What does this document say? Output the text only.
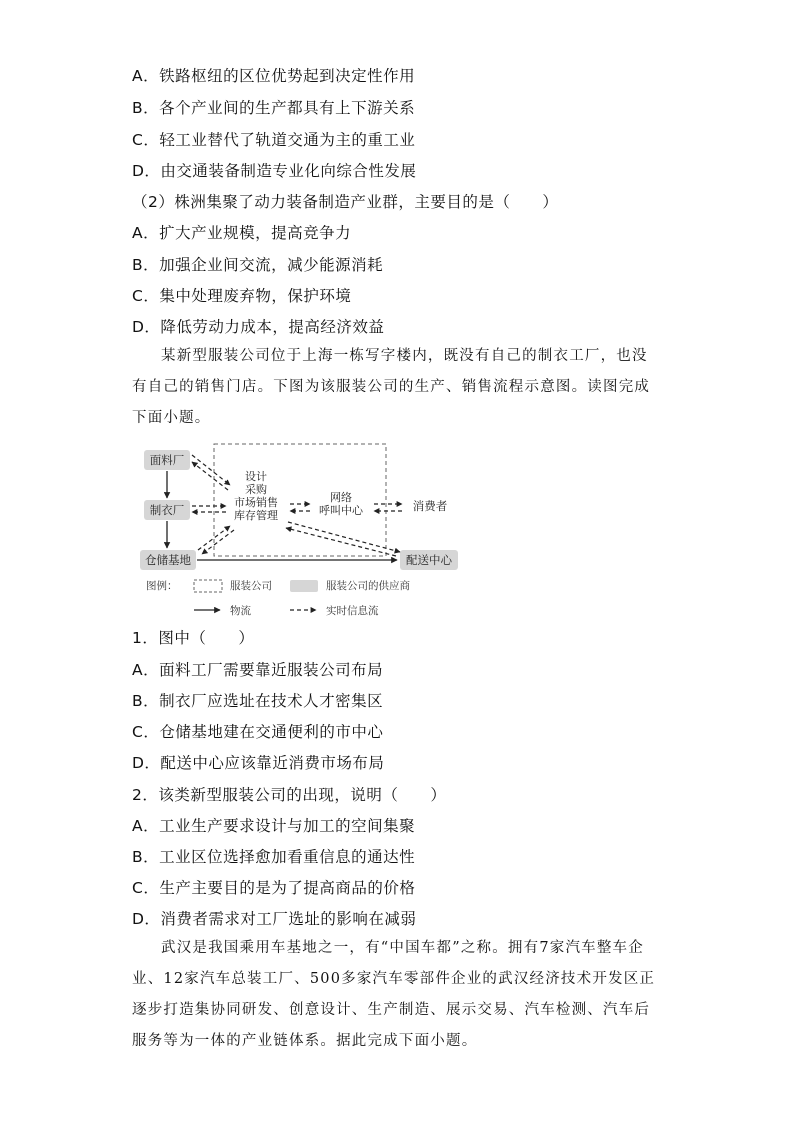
A．铁路枢纽的区位优势起到决定性作用
B．各个产业间的生产都具有上下游关系
C．轻工业替代了轨道交通为主的重工业
D．由交通装备制造专业化向综合性发展
（2）株洲集聚了动力装备制造产业群，主要目的是（　　）
A．扩大产业规模，提高竞争力
B．加强企业间交流，减少能源消耗
C．集中处理废弃物，保护环境
D．降低劳动力成本，提高经济效益

某新型服装公司位于上海一栋写字楼内，既没有自己的制衣工厂，也没有自己的销售门店。下图为该服装公司的生产、销售流程示意图。读图完成下面小题。

面料厂
制衣厂
仓储基地	配送中心
设计
采购
市场销售
库存管理
网络
呼叫中心	消费者
图例：	服装公司	服装公司的供应商
物流	实时信息流
1．图中（　　）
A．面料工厂需要靠近服装公司布局
B．制衣厂应选址在技术人才密集区
C．仓储基地建在交通便利的市中心
D．配送中心应该靠近消费市场布局
2．该类新型服装公司的出现，说明（　　）
A．工业生产要求设计与加工的空间集聚
B．工业区位选择愈加看重信息的通达性
C．生产主要目的是为了提高商品的价格
D．消费者需求对工厂选址的影响在减弱

武汉是我国乘用车基地之一，有“中国车都”之称。拥有7家汽车整车企业、12家汽车总装工厂、500多家汽车零部件企业的武汉经济技术开发区正逐步打造集协同研发、创意设计、生产制造、展示交易、汽车检测、汽车后服务等为一体的产业链体系。据此完成下面小题。
